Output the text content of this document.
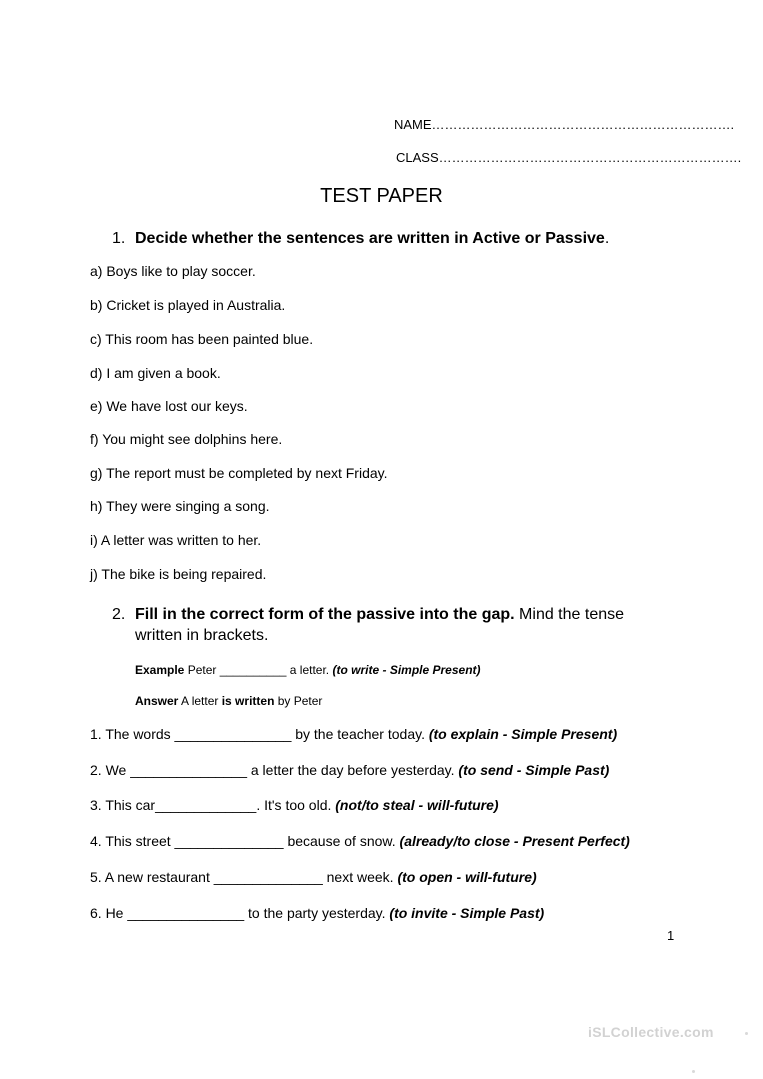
NAME…………………………………………………………….
CLASS…………………………………………………………….
TEST PAPER
1. Decide whether the sentences are written in Active or Passive.
a) Boys like to play soccer.
b) Cricket is played in Australia.
c) This room has been painted blue.
d) I am given a book.
e) We have lost our keys.
f) You might see dolphins here.
g) The report must be completed by next Friday.
h) They were singing a song.
i) A letter was written to her.
j) The bike is being repaired.
2. Fill in the correct form of the passive into the gap. Mind the tense written in brackets.
Example Peter __________ a letter. (to write - Simple Present)
Answer A letter is written by Peter
1. The words _______________ by the teacher today. (to explain - Simple Present)
2. We _______________ a letter the day before yesterday. (to send - Simple Past)
3. This car_____________. It's too old. (not/to steal - will-future)
4. This street ______________ because of snow. (already/to close - Present Perfect)
5. A new restaurant ______________ next week. (to open - will-future)
6. He _______________ to the party yesterday. (to invite - Simple Past)
1
iSLCollective.com
